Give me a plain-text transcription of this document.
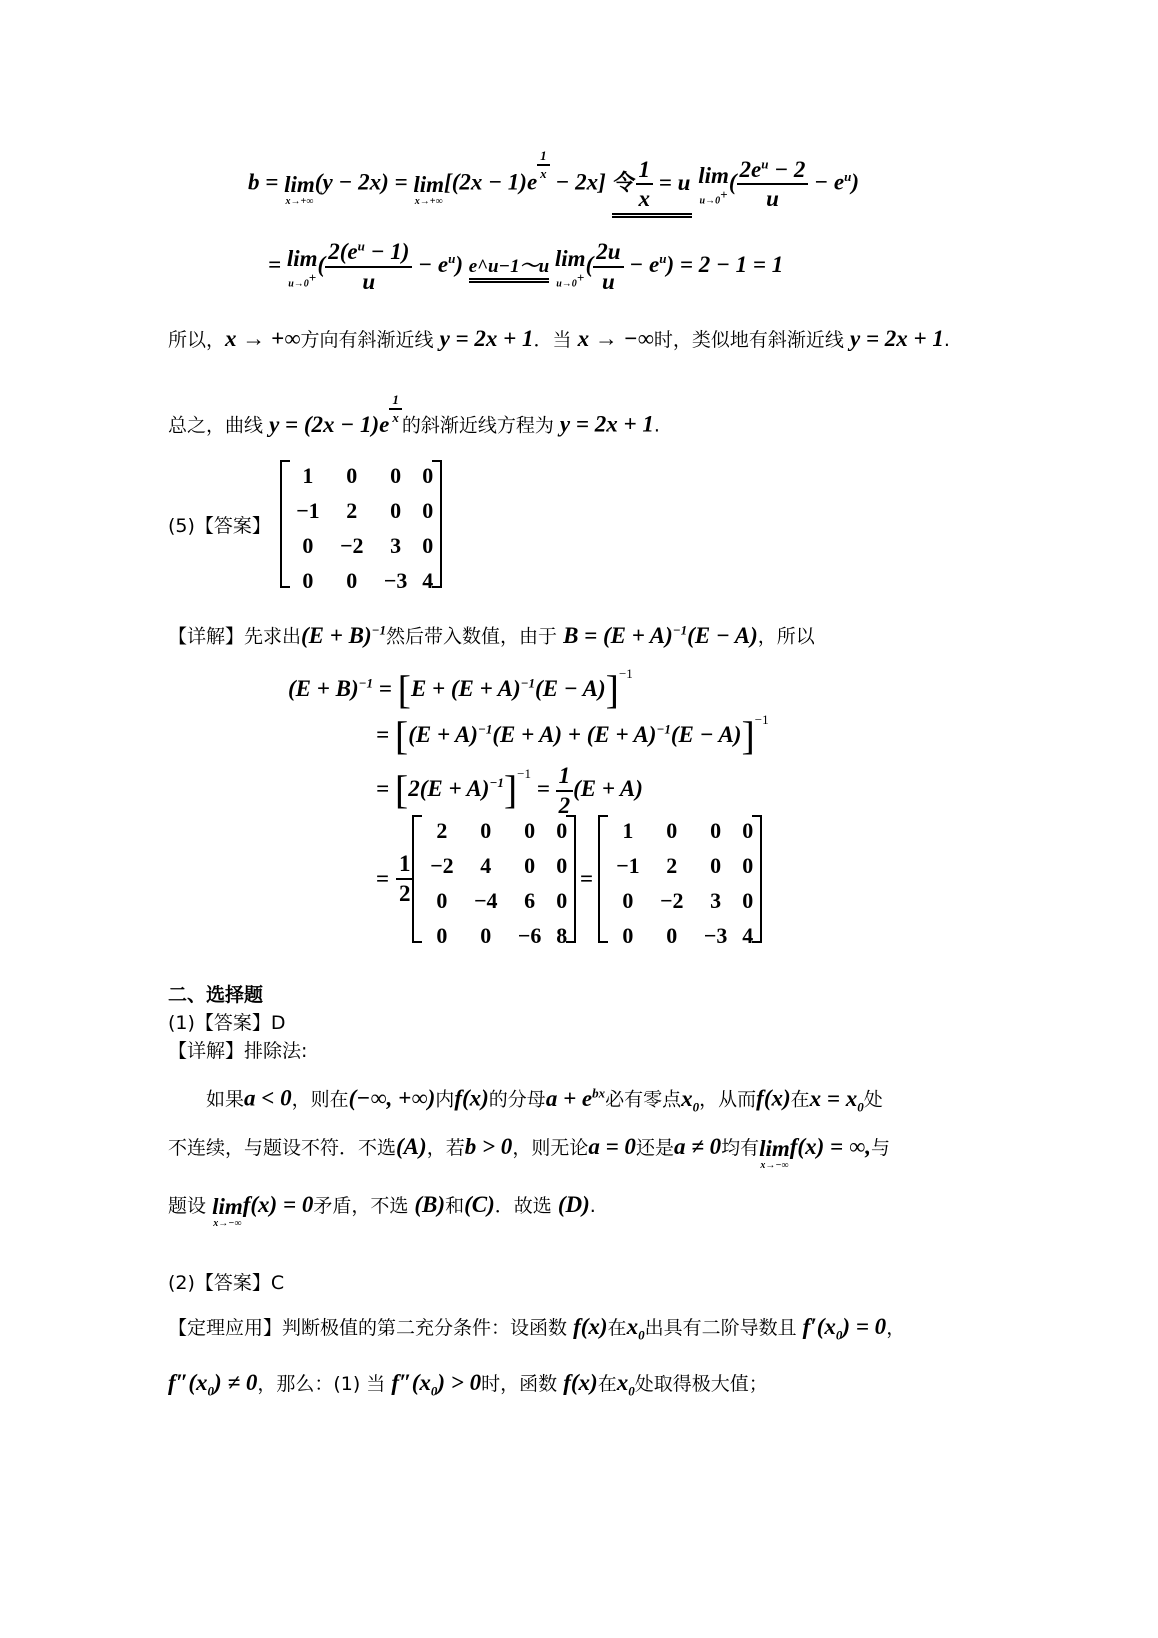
b = lim
x→+∞
(y − 2x) = lim
x→+∞
[(2x − 1)e
$^{\frac{1}{x}}$
− 2x] 令 $\frac{1}{x} = u$ lim
u→0+
( $\frac{2e^u - 2}{u} - e^u$)
= lim
u→0+
( $\frac{2(e^u - 1)}{u} - e^u$) e^u−1～u lim
u→0+
( $\frac{2u}{u} - e^u) = 2 - 1 = 1$
所以，x → +∞方向有斜渐近线 y = 2x + 1．当 x → −∞时，类似地有斜渐近线 y = 2x + 1.
总之，曲线 y = (2x − 1)e $^{\frac{1}{x}}$
的斜渐近线方程为 y = 2x + 1.
(5)【答案】
1	0	0	0
−1	2	0	0
0	−2	3	0
0	0	−3	4
【详解】先求出$(E + B)^{-1}$然后带入数值，由于 $B = (E + A)^{-1}(E - A)$，所以
$(E + B)^{-1} = [E + (E + A)^{-1}(E - A)]^{-1}$
= $[(E + A)^{-1}(E + A) + (E + A)^{-1}(E - A)]^{-1}$
= $[2(E + A)^{-1}]^{-1} = \frac{1}{2} (E + A)$
= $\frac{1}{2}$
2	0	0	0
−2	4	0	0
0	−4	6	0
0	0	−6	8
=
1	0	0	0
−1	2	0	0
0	−2	3	0
0	0	−3	4
二、选择题
(1)【答案】D
【详解】排除法:
如果a < 0，则在(−∞, +∞)内f(x)的分母$a + e^{bx}$必有零点$x_0$，从而f(x)在$x = x_0$处
不连续，与题设不符．不选(A)，若b > 0，则无论a = 0还是a ≠ 0均有 lim
x→−∞
f(x) = ∞,与
题设 lim
x→−∞
f(x) = 0矛盾，不选 (B)和(C)．故选 (D).
(2)【答案】C
【定理应用】判断极值的第二充分条件：设函数 f(x)在$x_0$出具有二阶导数且 $f'(x_0) = 0$，
$f''(x_0) \ne 0$，那么：(1) 当 $f''(x_0) > 0$时，函数 f(x)在$x_0$处取得极大值；
